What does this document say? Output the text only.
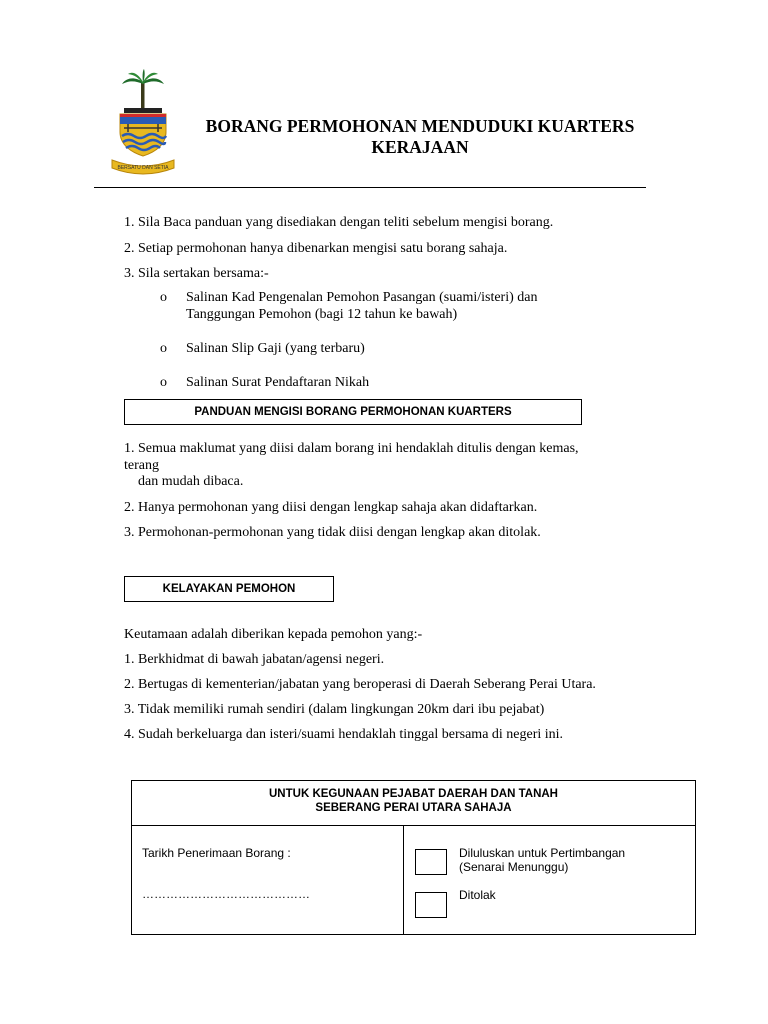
BERSATU DAN SETIA
BORANG PERMOHONAN MENDUDUKI KUARTERS
KERAJAAN
1. Sila Baca panduan yang disediakan dengan teliti sebelum mengisi borang.
2. Setiap permohonan hanya dibenarkan mengisi satu borang sahaja.
3. Sila sertakan bersama:-
o Salinan Kad Pengenalan Pemohon Pasangan (suami/isteri) dan
Tanggungan Pemohon (bagi 12 tahun ke bawah)
o Salinan Slip Gaji (yang terbaru)
o Salinan Surat Pendaftaran Nikah
PANDUAN MENGISI BORANG PERMOHONAN KUARTERS
1. Semua maklumat yang diisi dalam borang ini hendaklah ditulis dengan kemas,
terang
dan mudah dibaca.
2. Hanya permohonan yang diisi dengan lengkap sahaja akan didaftarkan.
3. Permohonan-permohonan yang tidak diisi dengan lengkap akan ditolak.
KELAYAKAN PEMOHON
Keutamaan adalah diberikan kepada pemohon yang:-
1. Berkhidmat di bawah jabatan/agensi negeri.
2. Bertugas di kementerian/jabatan yang beroperasi di Daerah Seberang Perai Utara.
3. Tidak memiliki rumah sendiri (dalam lingkungan 20km dari ibu pejabat)
4. Sudah berkeluarga dan isteri/suami hendaklah tinggal bersama di negeri ini.
UNTUK KEGUNAAN PEJABAT DAERAH DAN TANAH
SEBERANG PERAI UTARA SAHAJA
Tarikh Penerimaan Borang :
……………………………………
Diluluskan untuk Pertimbangan
(Senarai Menunggu)
Ditolak
